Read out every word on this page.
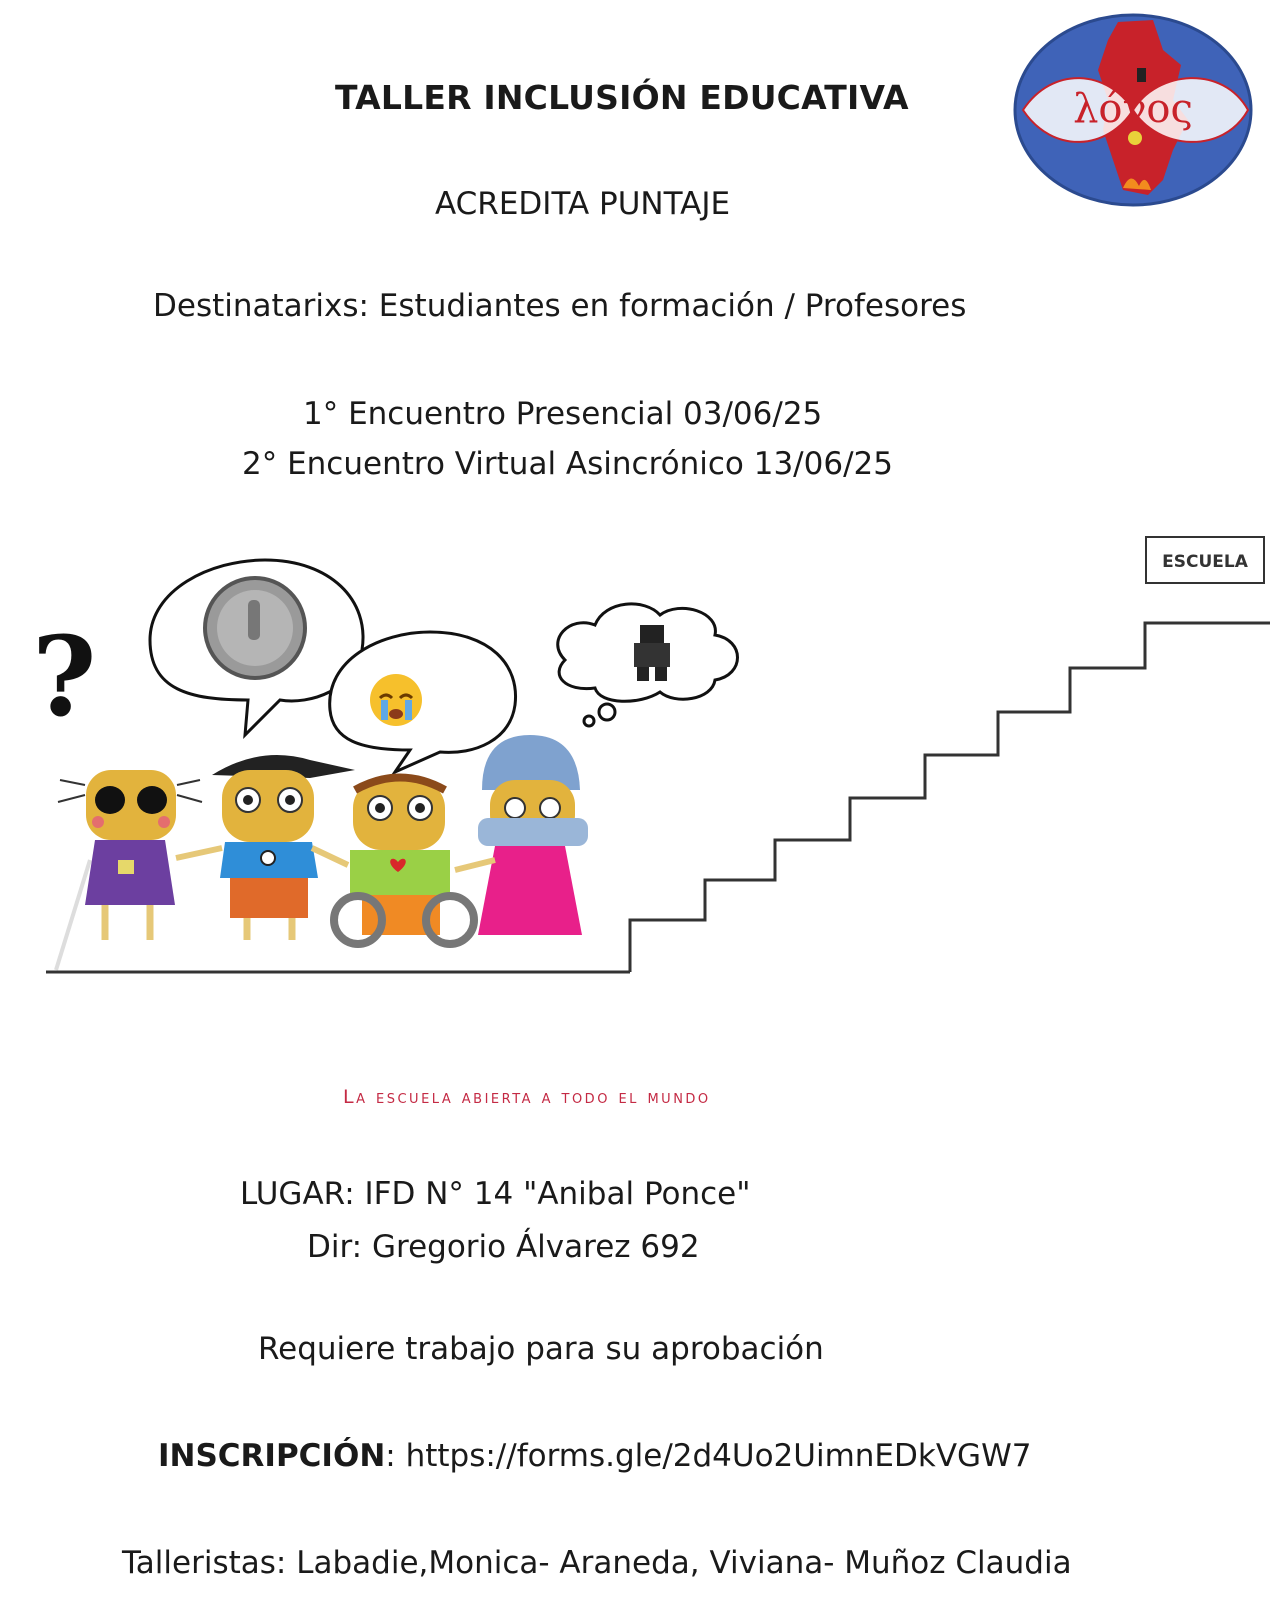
TALLER INCLUSIÓN EDUCATIVA
ACREDITA PUNTAJE
Destinatarixs: Estudiantes en formación / Profesores
λόγος
1° Encuentro Presencial 03/06/25
2° Encuentro Virtual Asincrónico 13/06/25
ESCUELA
?
La escuela abierta a todo el mundo
LUGAR: IFD N° 14 "Anibal Ponce"
Dir: Gregorio Álvarez 692
Requiere trabajo para su aprobación
INSCRIPCIÓN: https://forms.gle/2d4Uo2UimnEDkVGW7
Talleristas: Labadie,Monica- Araneda, Viviana- Muñoz Claudia
